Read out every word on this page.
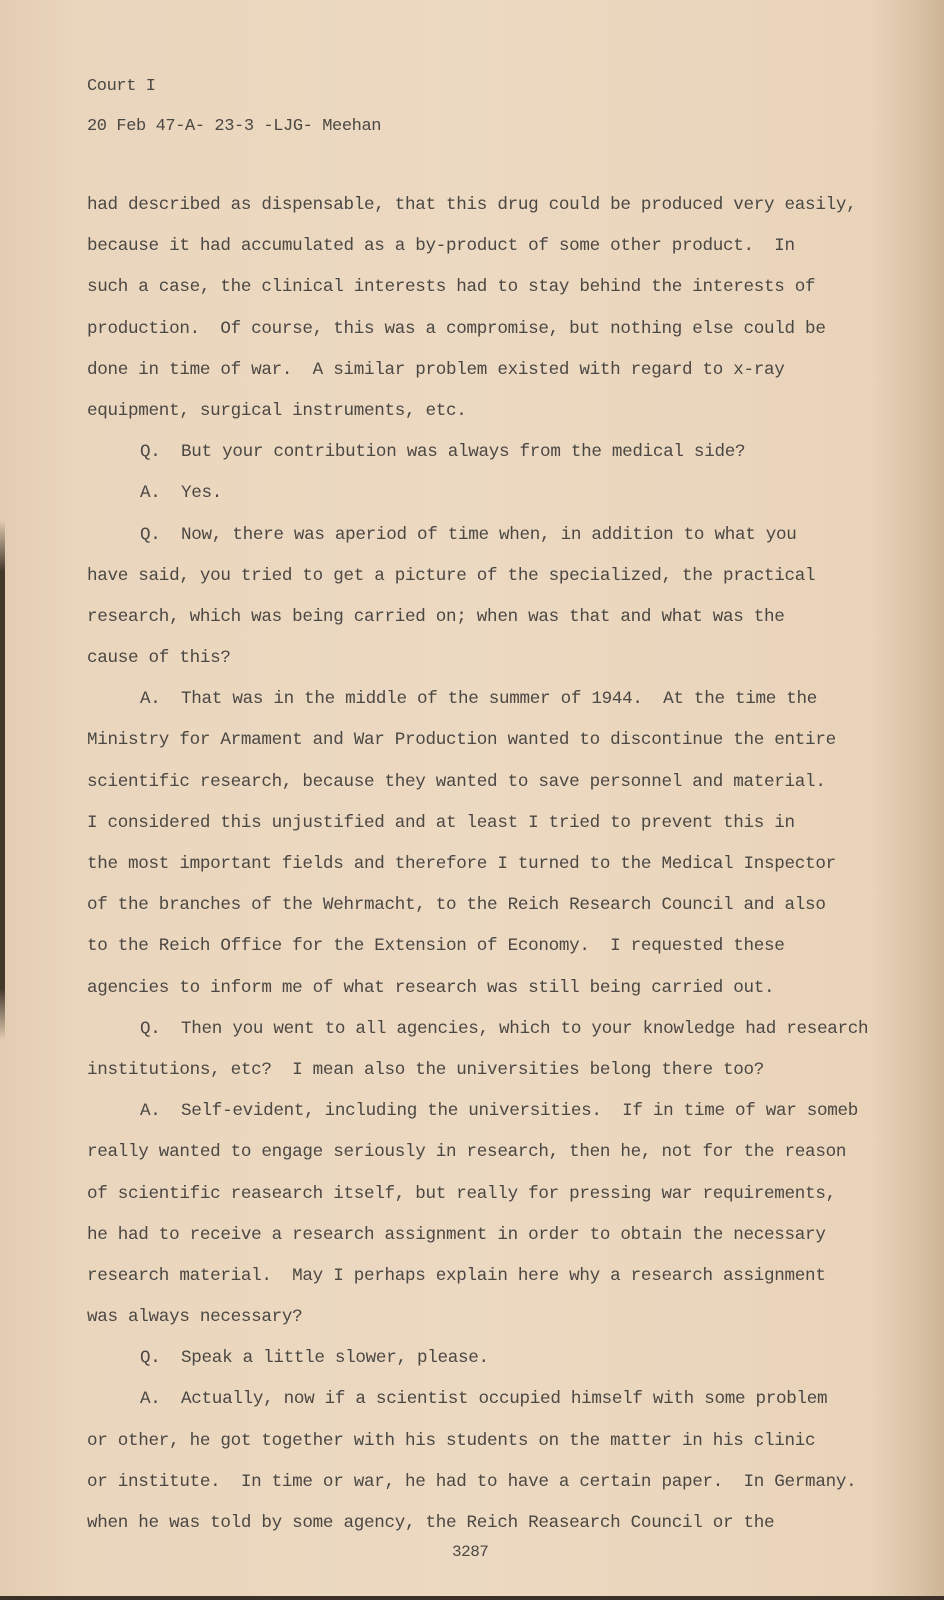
Court I
20 Feb 47-A- 23-3 -LJG- Meehan
had described as dispensable, that this drug could be produced very easily,
because it had accumulated as a by-product of some other product.  In
such a case, the clinical interests had to stay behind the interests of
production.  Of course, this was a compromise, but nothing else could be
done in time of war.  A similar problem existed with regard to x-ray
equipment, surgical instruments, etc.
Q.  But your contribution was always from the medical side?
A.  Yes.
Q.  Now, there was aperiod of time when, in addition to what you
have said, you tried to get a picture of the specialized, the practical
research, which was being carried on; when was that and what was the
cause of this?
A.  That was in the middle of the summer of 1944.  At the time the
Ministry for Armament and War Production wanted to discontinue the entire
scientific research, because they wanted to save personnel and material.
I considered this unjustified and at least I tried to prevent this in
the most important fields and therefore I turned to the Medical Inspector
of the branches of the Wehrmacht, to the Reich Research Council and also
to the Reich Office for the Extension of Economy.  I requested these
agencies to inform me of what research was still being carried out.
Q.  Then you went to all agencies, which to your knowledge had research
institutions, etc?  I mean also the universities belong there too?
A.  Self-evident, including the universities.  If in time of war someb
really wanted to engage seriously in research, then he, not for the reason
of scientific reasearch itself, but really for pressing war requirements,
he had to receive a research assignment in order to obtain the necessary
research material.  May I perhaps explain here why a research assignment
was always necessary?
Q.  Speak a little slower, please.
A.  Actually, now if a scientist occupied himself with some problem
or other, he got together with his students on the matter in his clinic
or institute.  In time or war, he had to have a certain paper.  In Germany.
when he was told by some agency, the Reich Reasearch Council or the
3287
